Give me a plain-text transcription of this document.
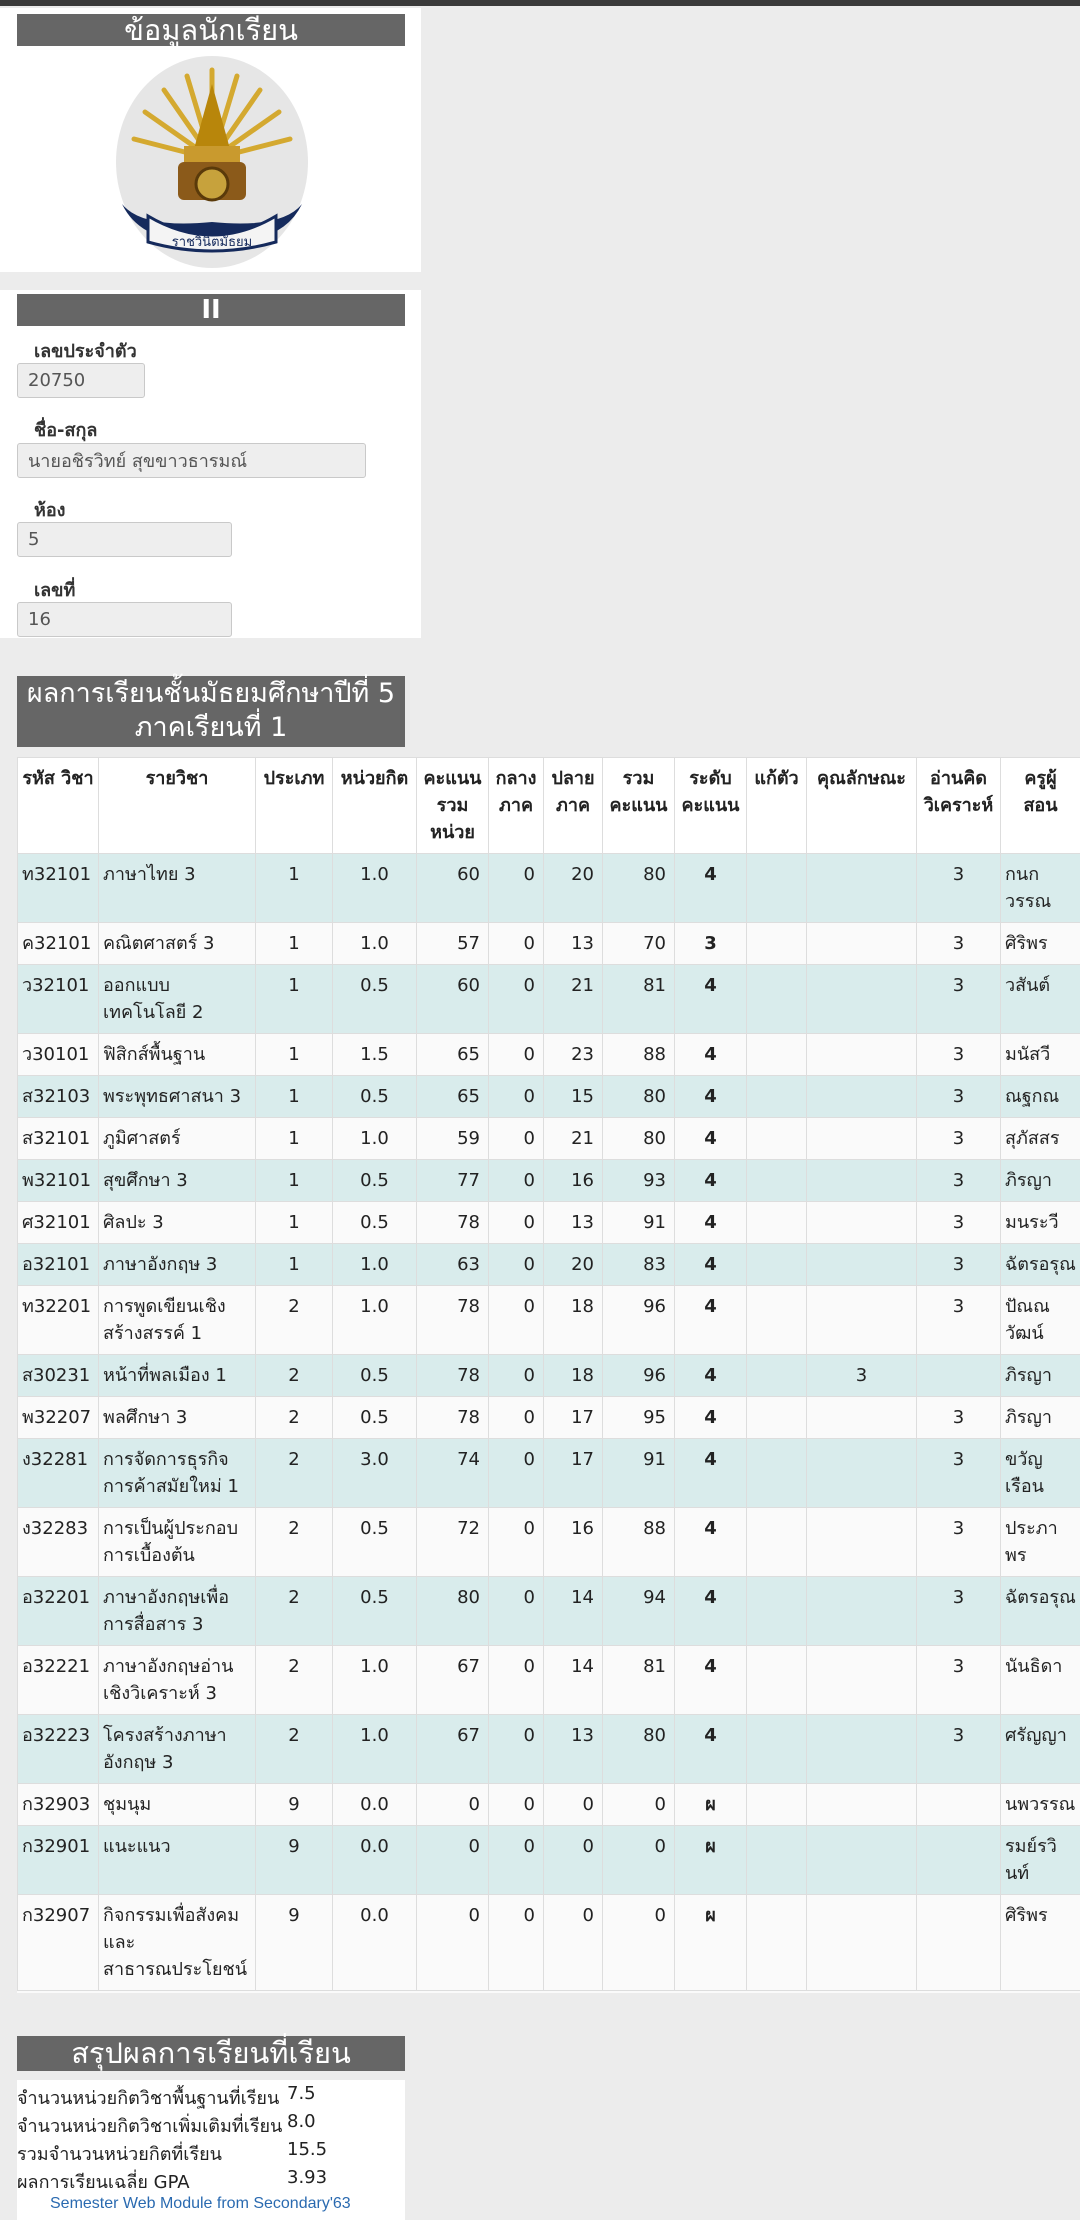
ข้อมูลนักเรียน
ราชวินิตมัธยม
II
เลขประจำตัว
20750
ชื่อ-สกุล
นายอชิรวิทย์ สุขขาวธารมณ์
ห้อง
5
เลขที่
16
ผลการเรียนชั้นมัธยมศึกษาปีที่ 5 ภาคเรียนที่ 1
รหัส วิชา	รายวิชา	ประเภท	หน่วยกิต	คะแนน รวม หน่วย	กลาง ภาค	ปลาย ภาค	รวม คะแนน	ระดับ คะแนน	แก้ตัว	คุณลักษณะ	อ่านคิด วิเคราะห์	ครูผู้ สอน
ท32101	ภาษาไทย 3	1	1.0	60	0	20	80	4			3	กนกวรรณ
ค32101	คณิตศาสตร์ 3	1	1.0	57	0	13	70	3			3	ศิริพร
ว32101	ออกแบบเทคโนโลยี 2	1	0.5	60	0	21	81	4			3	วสันต์
ว30101	ฟิสิกส์พื้นฐาน	1	1.5	65	0	23	88	4			3	มนัสวี
ส32103	พระพุทธศาสนา 3	1	0.5	65	0	15	80	4			3	ณฐกณ
ส32101	ภูมิศาสตร์	1	1.0	59	0	21	80	4			3	สุภัสสร
พ32101	สุขศึกษา 3	1	0.5	77	0	16	93	4			3	ภิรญา
ศ32101	ศิลปะ 3	1	0.5	78	0	13	91	4			3	มนระวี
อ32101	ภาษาอังกฤษ 3	1	1.0	63	0	20	83	4			3	ฉัตรอรุณ
ท32201	การพูดเขียนเชิงสร้างสรรค์ 1	2	1.0	78	0	18	96	4			3	ปัณณวัฒน์
ส30231	หน้าที่พลเมือง 1	2	0.5	78	0	18	96	4		3		ภิรญา
พ32207	พลศึกษา 3	2	0.5	78	0	17	95	4			3	ภิรญา
ง32281	การจัดการธุรกิจการค้าสมัยใหม่ 1	2	3.0	74	0	17	91	4			3	ขวัญเรือน
ง32283	การเป็นผู้ประกอบการเบื้องต้น	2	0.5	72	0	16	88	4			3	ประภาพร
อ32201	ภาษาอังกฤษเพื่อการสื่อสาร 3	2	0.5	80	0	14	94	4			3	ฉัตรอรุณ
อ32221	ภาษาอังกฤษอ่านเชิงวิเคราะห์ 3	2	1.0	67	0	14	81	4			3	นันธิดา
อ32223	โครงสร้างภาษาอังกฤษ 3	2	1.0	67	0	13	80	4			3	ศรัญญา
ก32903	ชุมนุม	9	0.0	0	0	0	0	ผ				นพวรรณ
ก32901	แนะแนว	9	0.0	0	0	0	0	ผ				รมย์รวินท์
ก32907	กิจกรรมเพื่อสังคมและสาธารณประโยชน์	9	0.0	0	0	0	0	ผ				ศิริพร
สรุปผลการเรียนที่เรียน
จำนวนหน่วยกิตวิชาพื้นฐานที่เรียน 7.5
จำนวนหน่วยกิตวิชาเพิ่มเติมที่เรียน 8.0
รวมจำนวนหน่วยกิตที่เรียน	15.5
ผลการเรียนเฉลี่ย GPA	3.93
Semester Web Module from Secondary'63
